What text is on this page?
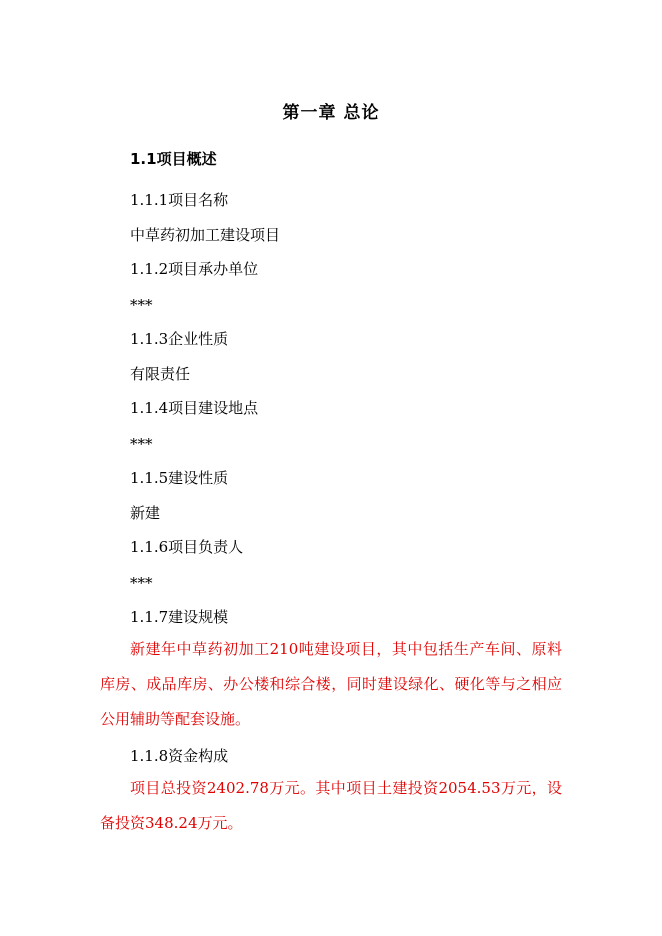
第一章 总论
1.1项目概述
1.1.1项目名称
中草药初加工建设项目
1.1.2项目承办单位
***
1.1.3企业性质
有限责任
1.1.4项目建设地点
***
1.1.5建设性质
新建
1.1.6项目负责人
***
1.1.7建设规模

新建年中草药初加工210吨建设项目，其中包括生产车间、原料库房、成品库房、办公楼和综合楼，同时建设绿化、硬化等与之相应公用辅助等配套设施。

1.1.8资金构成

项目总投资2402.78万元。其中项目土建投资2054.53万元，设备投资348.24万元。
